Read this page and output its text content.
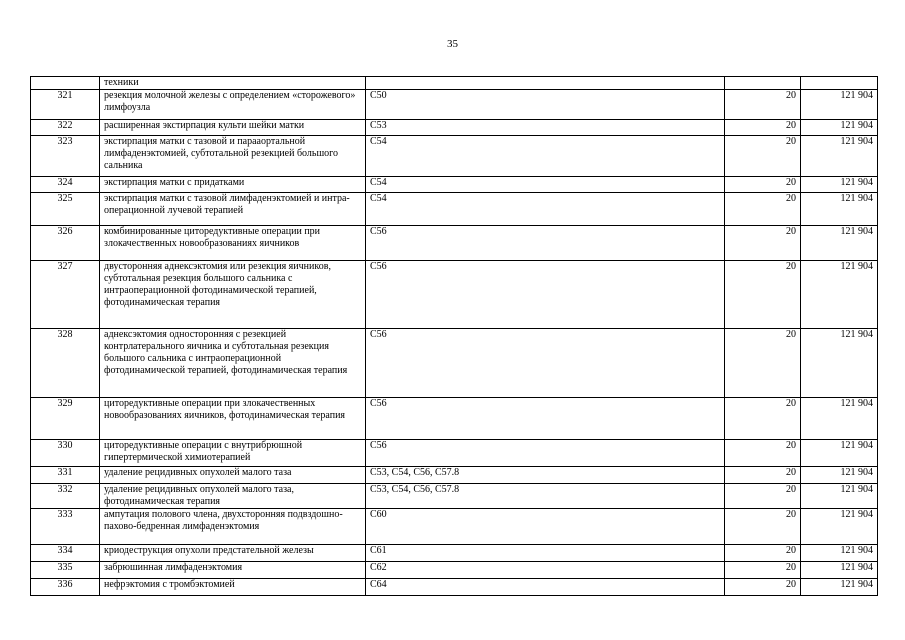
35
	техники			
321	резекция молочной железы с определением «сторожевого» лимфоузла	C50	20	121 904
322	расширенная экстирпация культи шейки матки	C53	20	121 904
323	экстирпация матки с тазовой и парааортальной лимфаденэктомией, субтотальной резекцией большого сальника	C54	20	121 904
324	экстирпация матки с придатками	C54	20	121 904
325	экстирпация матки с тазовой лимфаденэктомией и интра-операционной лучевой терапией	C54	20	121 904
326	комбинированные циторедуктивные операции при злокачественных новообразованиях яичников	C56	20	121 904
327	двусторонняя аднексэктомия или резекция яичников, субтотальная резекция большого сальника с интраоперационной фотодинамической терапией, фотодинамическая терапия	C56	20	121 904
328	аднексэктомия односторонняя с резекцией контрлатерального яичника и субтотальная резекция большого сальника с интраоперационной фотодинамической терапией, фотодинамическая терапия	C56	20	121 904
329	циторедуктивные операции при злокачественных новообразованиях яичников, фотодинамическая терапия	C56	20	121 904
330	циторедуктивные операции с внутрибрюшной гипертермической химиотерапией	C56	20	121 904
331	удаление рецидивных опухолей малого таза	C53, C54, C56, C57.8	20	121 904
332	удаление рецидивных опухолей малого таза, фотодинамическая терапия	C53, C54, C56, C57.8	20	121 904
333	ампутация полового члена, двухсторонняя подвздошно-пахово-бедренная лимфаденэктомия	C60	20	121 904
334	криодеструкция опухоли предстательной железы	C61	20	121 904
335	забрюшинная лимфаденэктомия	C62	20	121 904
336	нефрэктомия с тромбэктомией	C64	20	121 904
